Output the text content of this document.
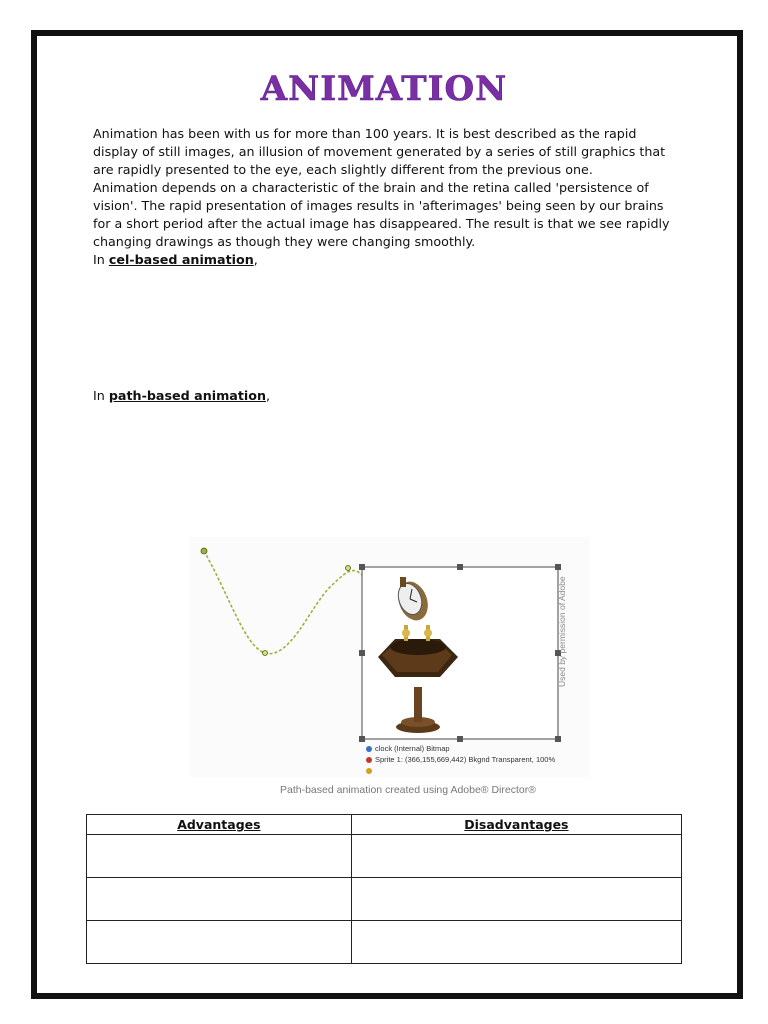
ANIMATION

Animation has been with us for more than 100 years. It is best described as the rapid display of still images, an illusion of movement generated by a series of still graphics that are rapidly presented to the eye, each slightly different from the previous one.

Animation depends on a characteristic of the brain and the retina called 'persistence of vision'. The rapid presentation of images results in 'afterimages' being seen by our brains for a short period after the actual image has disappeared. The result is that we see rapidly changing drawings as though they were changing smoothly.

In cel-based animation,

In path-based animation,
clock (Internal) Bitmap
Sprite 1: (366,155,669,442) Bkgnd Transparent, 100%
Used by permission of Adobe
Path-based animation created using Adobe® Director®
Advantages	Disadvantages
